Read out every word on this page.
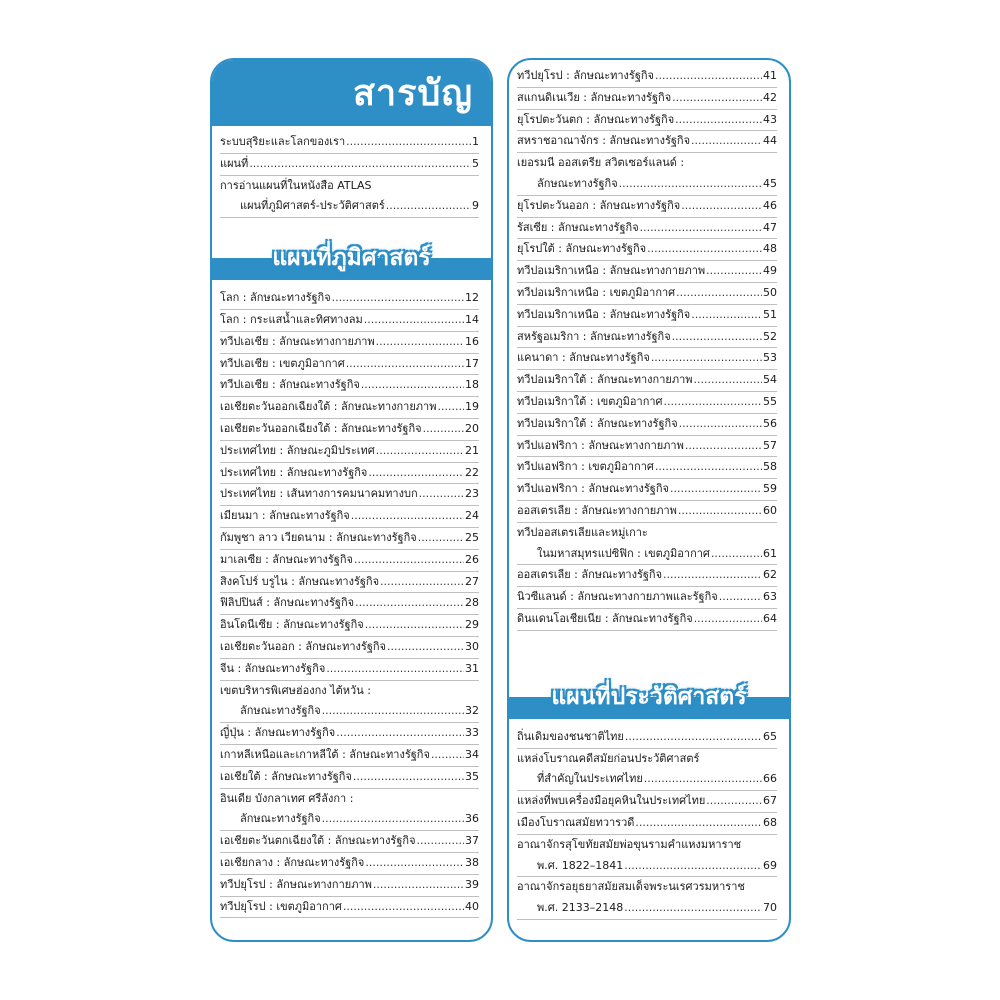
สารบัญ
ระบบสุริยะและโลกของเรา .....	1
แผนที่ .....	5
การอ่านแผนที่ในหนังสือ ATLAS
แผนที่ภูมิศาสตร์-ประวัติศาสตร์ .....	9
แผนที่ภูมิศาสตร์
โลก : ลักษณะทางรัฐกิจ .....	12
โลก : กระแสน้ำและทิศทางลม .....	14
ทวีปเอเชีย : ลักษณะทางกายภาพ .....	16
ทวีปเอเชีย : เขตภูมิอากาศ .....	17
ทวีปเอเชีย : ลักษณะทางรัฐกิจ .....	18
เอเชียตะวันออกเฉียงใต้ : ลักษณะทางกายภาพ .....	19
เอเชียตะวันออกเฉียงใต้ : ลักษณะทางรัฐกิจ .....	20
ประเทศไทย : ลักษณะภูมิประเทศ .....	21
ประเทศไทย : ลักษณะทางรัฐกิจ .....	22
ประเทศไทย : เส้นทางการคมนาคมทางบก .....	23
เมียนมา : ลักษณะทางรัฐกิจ .....	24
กัมพูชา ลาว เวียดนาม : ลักษณะทางรัฐกิจ .....	25
มาเลเซีย : ลักษณะทางรัฐกิจ .....	26
สิงคโปร์ บรูไน : ลักษณะทางรัฐกิจ .....	27
ฟิลิปปินส์ : ลักษณะทางรัฐกิจ .....	28
อินโดนีเซีย : ลักษณะทางรัฐกิจ .....	29
เอเชียตะวันออก : ลักษณะทางรัฐกิจ .....	30
จีน : ลักษณะทางรัฐกิจ .....	31
เขตบริหารพิเศษฮ่องกง ไต้หวัน :
ลักษณะทางรัฐกิจ .....	32
ญี่ปุ่น : ลักษณะทางรัฐกิจ .....	33
เกาหลีเหนือและเกาหลีใต้ : ลักษณะทางรัฐกิจ .....	34
เอเชียใต้ : ลักษณะทางรัฐกิจ .....	35
อินเดีย บังกลาเทศ ศรีลังกา :
ลักษณะทางรัฐกิจ .....	36
เอเชียตะวันตกเฉียงใต้ : ลักษณะทางรัฐกิจ .....	37
เอเชียกลาง : ลักษณะทางรัฐกิจ .....	38
ทวีปยุโรป : ลักษณะทางกายภาพ .....	39
ทวีปยุโรป : เขตภูมิอากาศ .....	40
ทวีปยุโรป : ลักษณะทางรัฐกิจ .....	41
สแกนดิเนเวีย : ลักษณะทางรัฐกิจ .....	42
ยุโรปตะวันตก : ลักษณะทางรัฐกิจ .....	43
สหราชอาณาจักร : ลักษณะทางรัฐกิจ .....	44
เยอรมนี ออสเตรีย สวิตเซอร์แลนด์ :
ลักษณะทางรัฐกิจ .....	45
ยุโรปตะวันออก : ลักษณะทางรัฐกิจ .....	46
รัสเซีย : ลักษณะทางรัฐกิจ .....	47
ยุโรปใต้ : ลักษณะทางรัฐกิจ .....	48
ทวีปอเมริกาเหนือ : ลักษณะทางกายภาพ .....	49
ทวีปอเมริกาเหนือ : เขตภูมิอากาศ .....	50
ทวีปอเมริกาเหนือ : ลักษณะทางรัฐกิจ .....	51
สหรัฐอเมริกา : ลักษณะทางรัฐกิจ .....	52
แคนาดา : ลักษณะทางรัฐกิจ .....	53
ทวีปอเมริกาใต้ : ลักษณะทางกายภาพ .....	54
ทวีปอเมริกาใต้ : เขตภูมิอากาศ .....	55
ทวีปอเมริกาใต้ : ลักษณะทางรัฐกิจ .....	56
ทวีปแอฟริกา : ลักษณะทางกายภาพ .....	57
ทวีปแอฟริกา : เขตภูมิอากาศ .....	58
ทวีปแอฟริกา : ลักษณะทางรัฐกิจ .....	59
ออสเตรเลีย : ลักษณะทางกายภาพ .....	60
ทวีปออสเตรเลียและหมู่เกาะ
ในมหาสมุทรแปซิฟิก : เขตภูมิอากาศ .....	61
ออสเตรเลีย : ลักษณะทางรัฐกิจ .....	62
นิวซีแลนด์ : ลักษณะทางกายภาพและรัฐกิจ .....	63
ดินแดนโอเชียเนีย : ลักษณะทางรัฐกิจ .....	64
แผนที่ประวัติศาสตร์
ถิ่นเดิมของชนชาติไทย .....	65
แหล่งโบราณคดีสมัยก่อนประวัติศาสตร์
ที่สำคัญในประเทศไทย .....	66
แหล่งที่พบเครื่องมือยุคหินในประเทศไทย .....	67
เมืองโบราณสมัยทวารวดี .....	68
อาณาจักรสุโขทัยสมัยพ่อขุนรามคำแหงมหาราช
พ.ศ. 1822–1841 .....	69
อาณาจักรอยุธยาสมัยสมเด็จพระนเรศวรมหาราช
พ.ศ. 2133–2148 .....	70
